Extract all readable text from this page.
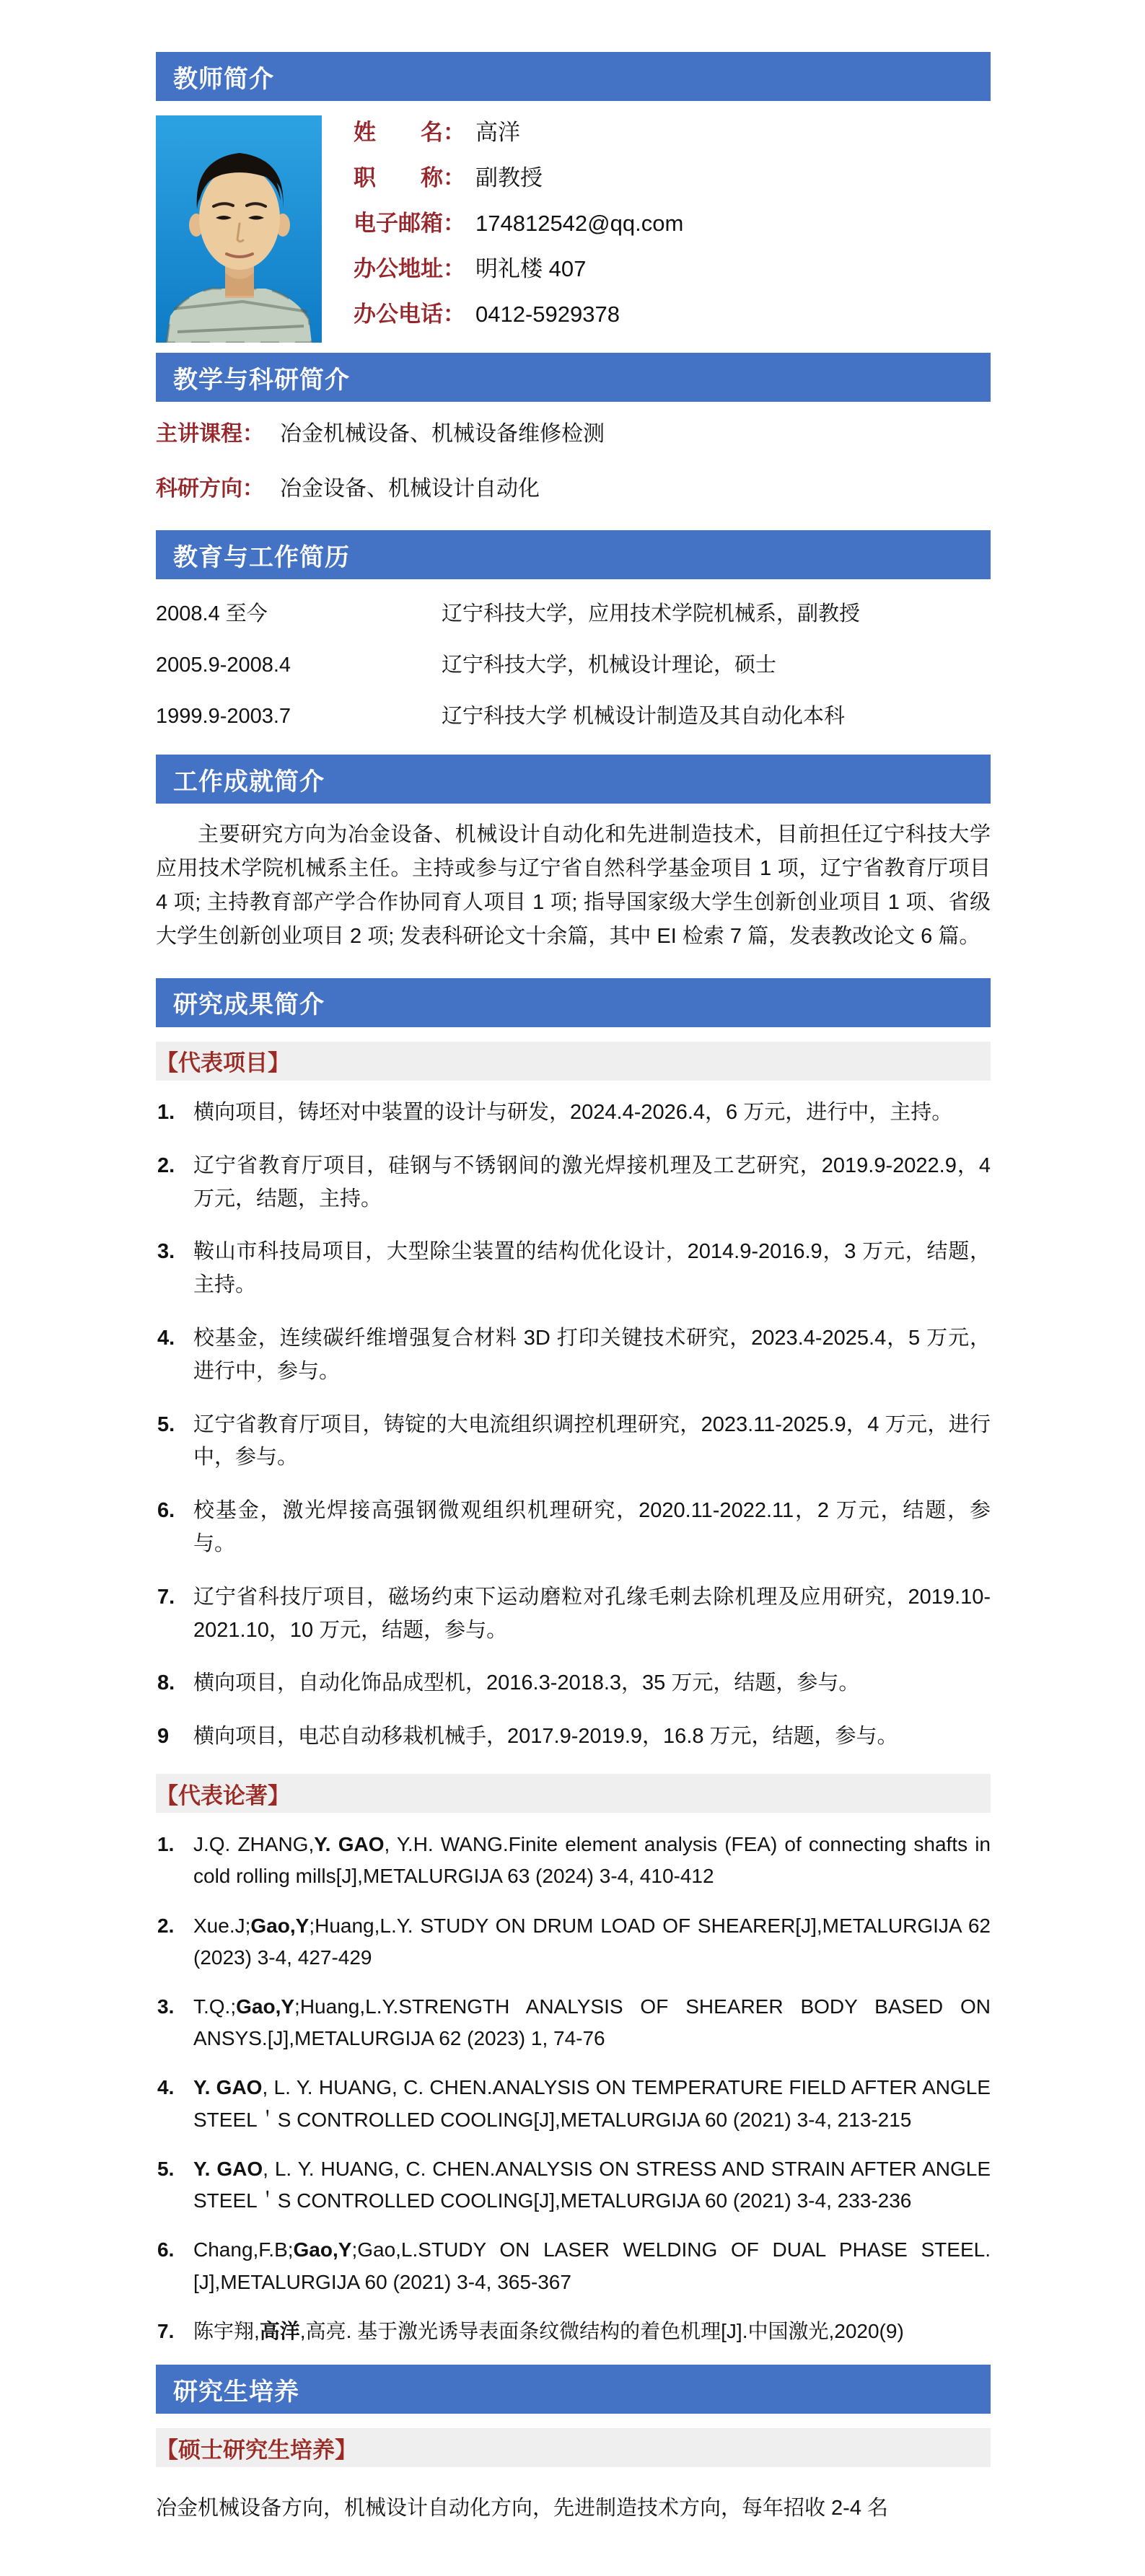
教师简介
姓　　名： 高洋
职　　称： 副教授
电子邮箱： 174812542@qq.com
办公地址： 明礼楼 407
办公电话： 0412-5929378
教学与科研简介
主讲课程： 冶金机械设备、机械设备维修检测
科研方向： 冶金设备、机械设计自动化
教育与工作简历
2008.4 至今	辽宁科技大学，应用技术学院机械系，副教授
2005.9-2008.4	辽宁科技大学，机械设计理论，硕士
1999.9-2003.7	辽宁科技大学 机械设计制造及其自动化本科
工作成就简介

主要研究方向为冶金设备、机械设计自动化和先进制造技术，目前担任辽宁科技大学应用技术学院机械系主任。主持或参与辽宁省自然科学基金项目 1 项，辽宁省教育厅项目 4 项; 主持教育部产学合作协同育人项目 1 项; 指导国家级大学生创新创业项目 1 项、省级大学生创新创业项目 2 项; 发表科研论文十余篇，其中 EI 检索 7 篇，发表教改论文 6 篇。

研究成果简介
【代表项目】
1. 横向项目，铸坯对中装置的设计与研发，2024.4-2026.4，6 万元，进行中，主持。
2. 辽宁省教育厅项目，硅钢与不锈钢间的激光焊接机理及工艺研究，2019.9-2022.9，4 万元，结题，主持。
3. 鞍山市科技局项目，大型除尘装置的结构优化设计，2014.9-2016.9，3 万元，结题，主持。
4. 校基金，连续碳纤维增强复合材料 3D 打印关键技术研究，2023.4-2025.4，5 万元，进行中，参与。
5. 辽宁省教育厅项目，铸锭的大电流组织调控机理研究，2023.11-2025.9，4 万元，进行中，参与。
6. 校基金，激光焊接高强钢微观组织机理研究，2020.11-2022.11，2 万元，结题，参与。
7. 辽宁省科技厅项目，磁场约束下运动磨粒对孔缘毛刺去除机理及应用研究，2019.10-2021.10，10 万元，结题，参与。
8. 横向项目，自动化饰品成型机，2016.3-2018.3，35 万元，结题，参与。
9 横向项目，电芯自动移栽机械手，2017.9-2019.9，16.8 万元，结题，参与。
【代表论著】
1. J.Q. ZHANG,Y. GAO, Y.H. WANG.Finite element analysis (FEA) of connecting shafts in cold rolling mills[J],METALURGIJA 63 (2024) 3-4, 410-412
2. Xue.J;Gao,Y;Huang,L.Y. STUDY ON DRUM LOAD OF SHEARER[J],METALURGIJA 62 (2023) 3-4, 427-429
3. T.Q.;Gao,Y;Huang,L.Y.STRENGTH ANALYSIS OF SHEARER BODY BASED ON ANSYS.[J],METALURGIJA 62 (2023) 1, 74-76
4. Y. GAO, L. Y. HUANG, C. CHEN.ANALYSIS ON TEMPERATURE FIELD AFTER ANGLE STEEL＇S CONTROLLED COOLING[J],METALURGIJA 60 (2021) 3-4, 213-215
5. Y. GAO, L. Y. HUANG, C. CHEN.ANALYSIS ON STRESS AND STRAIN AFTER ANGLE STEEL＇S CONTROLLED COOLING[J],METALURGIJA 60 (2021) 3-4, 233-236
6. Chang,F.B;Gao,Y;Gao,L.STUDY ON LASER WELDING OF DUAL PHASE STEEL.[J],METALURGIJA 60 (2021) 3-4, 365-367
7. 陈宇翔,高洋,高亮. 基于激光诱导表面条纹微结构的着色机理[J].中国激光,2020(9)
研究生培养
【硕士研究生培养】

冶金机械设备方向，机械设计自动化方向，先进制造技术方向，每年招收 2-4 名
